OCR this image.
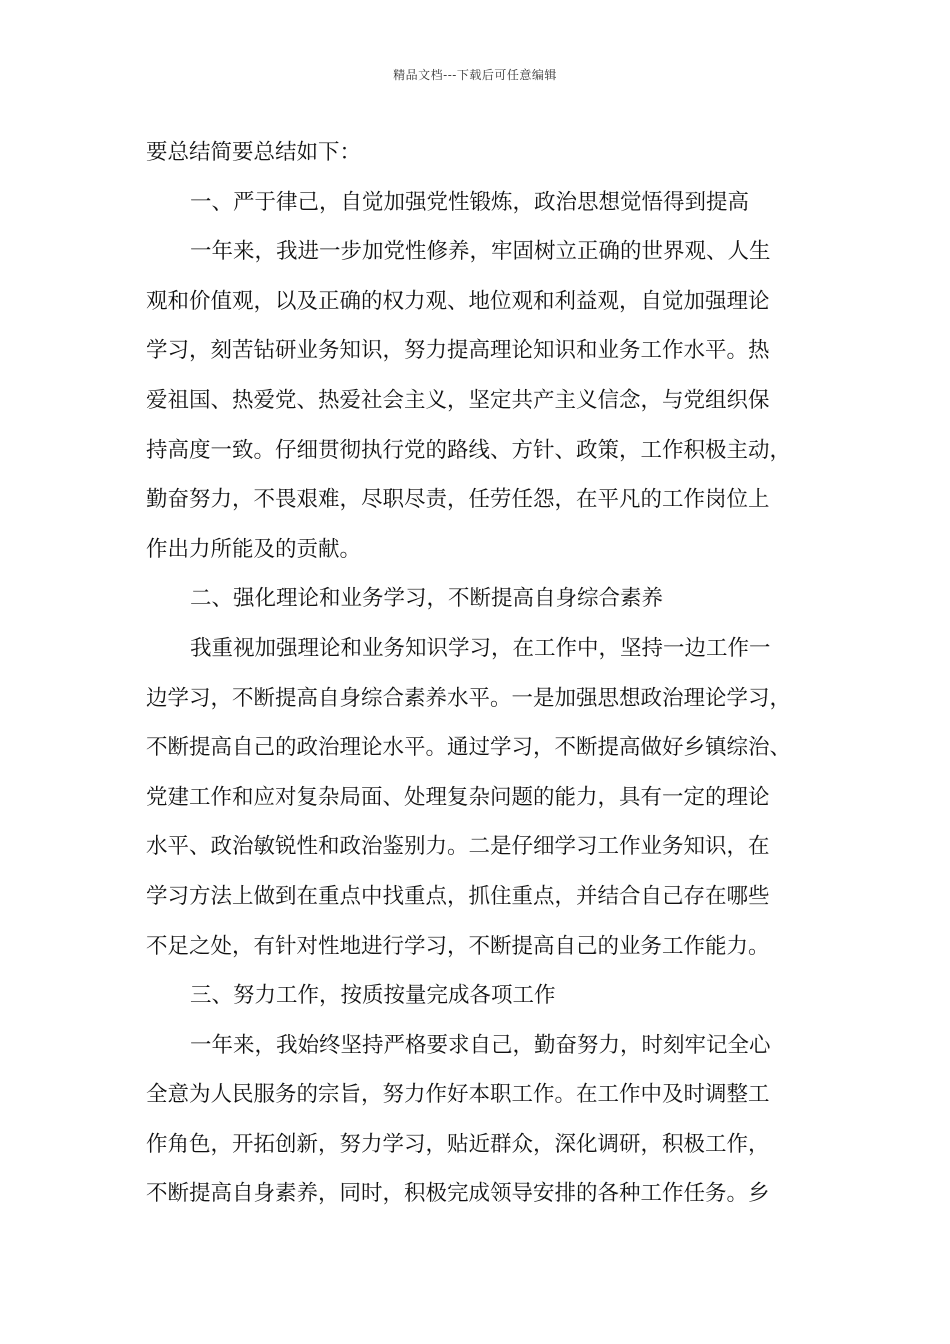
精品文档---下载后可任意编辑
要总结简要总结如下：
一、严于律己，自觉加强党性锻炼，政治思想觉悟得到提高
一年来，我进一步加党性修养，牢固树立正确的世界观、人生
观和价值观，以及正确的权力观、地位观和利益观，自觉加强理论
学习，刻苦钻研业务知识，努力提高理论知识和业务工作水平。热
爱祖国、热爱党、热爱社会主义，坚定共产主义信念，与党组织保
持高度一致。仔细贯彻执行党的路线、方针、政策，工作积极主动，
勤奋努力，不畏艰难，尽职尽责，任劳任怨，在平凡的工作岗位上
作出力所能及的贡献。
二、强化理论和业务学习，不断提高自身综合素养
我重视加强理论和业务知识学习，在工作中，坚持一边工作一
边学习，不断提高自身综合素养水平。一是加强思想政治理论学习，
不断提高自己的政治理论水平。通过学习，不断提高做好乡镇综治、
党建工作和应对复杂局面、处理复杂问题的能力，具有一定的理论
水平、政治敏锐性和政治鉴别力。二是仔细学习工作业务知识，在
学习方法上做到在重点中找重点，抓住重点，并结合自己存在哪些
不足之处，有针对性地进行学习，不断提高自己的业务工作能力。
三、努力工作，按质按量完成各项工作
一年来，我始终坚持严格要求自己，勤奋努力，时刻牢记全心
全意为人民服务的宗旨，努力作好本职工作。在工作中及时调整工
作角色，开拓创新，努力学习，贴近群众，深化调研，积极工作，
不断提高自身素养，同时，积极完成领导安排的各种工作任务。乡
